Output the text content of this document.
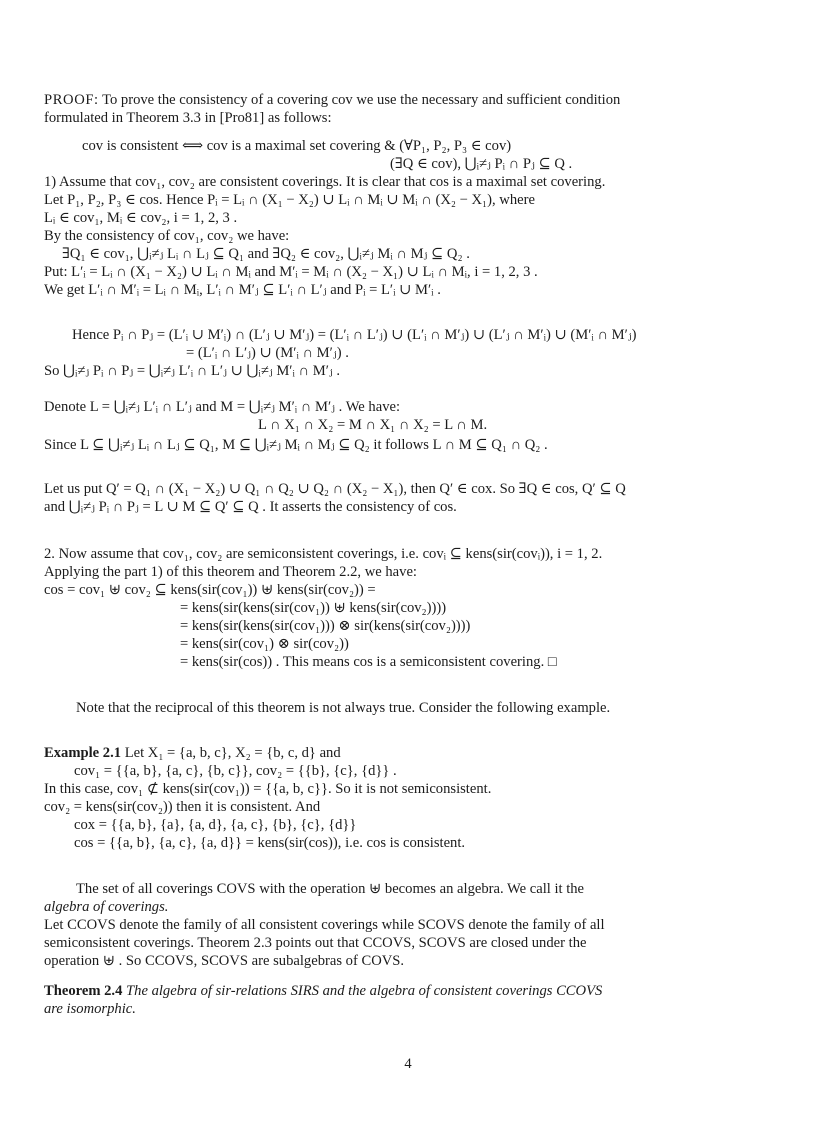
PROOF: To prove the consistency of a covering cov we use the necessary and sufficient condition
formulated in Theorem 3.3 in [Pro81] as follows:
cov is consistent ⟺ cov is a maximal set covering & (∀P₁, P₂, P₃ ∈ cov)
(∃Q ∈ cov), ⋃ᵢ≠ⱼ Pᵢ ∩ Pⱼ ⊆ Q .
1) Assume that cov₁, cov₂ are consistent coverings. It is clear that cos is a maximal set covering.
Let P₁, P₂, P₃ ∈ cos. Hence Pᵢ = Lᵢ ∩ (X₁ − X₂) ∪ Lᵢ ∩ Mᵢ ∪ Mᵢ ∩ (X₂ − X₁), where
Lᵢ ∈ cov₁, Mᵢ ∈ cov₂, i = 1, 2, 3 .
By the consistency of cov₁, cov₂ we have:
∃Q₁ ∈ cov₁, ⋃ᵢ≠ⱼ Lᵢ ∩ Lⱼ ⊆ Q₁ and ∃Q₂ ∈ cov₂, ⋃ᵢ≠ⱼ Mᵢ ∩ Mⱼ ⊆ Q₂ .
Put: L′ᵢ = Lᵢ ∩ (X₁ − X₂) ∪ Lᵢ ∩ Mᵢ and M′ᵢ = Mᵢ ∩ (X₂ − X₁) ∪ Lᵢ ∩ Mᵢ, i = 1, 2, 3 .
We get L′ᵢ ∩ M′ᵢ = Lᵢ ∩ Mᵢ, L′ᵢ ∩ M′ⱼ ⊆ L′ᵢ ∩ L′ⱼ and Pᵢ = L′ᵢ ∪ M′ᵢ .
Hence Pᵢ ∩ Pⱼ = (L′ᵢ ∪ M′ᵢ) ∩ (L′ⱼ ∪ M′ⱼ) = (L′ᵢ ∩ L′ⱼ) ∪ (L′ᵢ ∩ M′ⱼ) ∪ (L′ⱼ ∩ M′ᵢ) ∪ (M′ᵢ ∩ M′ⱼ)
= (L′ᵢ ∩ L′ⱼ) ∪ (M′ᵢ ∩ M′ⱼ) .
So ⋃ᵢ≠ⱼ Pᵢ ∩ Pⱼ = ⋃ᵢ≠ⱼ L′ᵢ ∩ L′ⱼ ∪ ⋃ᵢ≠ⱼ M′ᵢ ∩ M′ⱼ .
Denote L = ⋃ᵢ≠ⱼ L′ᵢ ∩ L′ⱼ and M = ⋃ᵢ≠ⱼ M′ᵢ ∩ M′ⱼ . We have:
L ∩ X₁ ∩ X₂ = M ∩ X₁ ∩ X₂ = L ∩ M.
Since L ⊆ ⋃ᵢ≠ⱼ Lᵢ ∩ Lⱼ ⊆ Q₁, M ⊆ ⋃ᵢ≠ⱼ Mᵢ ∩ Mⱼ ⊆ Q₂ it follows L ∩ M ⊆ Q₁ ∩ Q₂ .
Let us put Q′ = Q₁ ∩ (X₁ − X₂) ∪ Q₁ ∩ Q₂ ∪ Q₂ ∩ (X₂ − X₁), then Q′ ∈ cox. So ∃Q ∈ cos, Q′ ⊆ Q
and ⋃ᵢ≠ⱼ Pᵢ ∩ Pⱼ = L ∪ M ⊆ Q′ ⊆ Q . It asserts the consistency of cos.
2. Now assume that cov₁, cov₂ are semiconsistent coverings, i.e. covᵢ ⊆ kens(sir(covᵢ)), i = 1, 2.
Applying the part 1) of this theorem and Theorem 2.2, we have:
cos = cov₁ ⊎ cov₂ ⊆ kens(sir(cov₁)) ⊎ kens(sir(cov₂)) =
= kens(sir(kens(sir(cov₁)) ⊎ kens(sir(cov₂))))
= kens(sir(kens(sir(cov₁))) ⊗ sir(kens(sir(cov₂))))
= kens(sir(cov₁) ⊗ sir(cov₂))
= kens(sir(cos)) . This means cos is a semiconsistent covering. □
Note that the reciprocal of this theorem is not always true. Consider the following example.
Example 2.1 Let X₁ = {a, b, c}, X₂ = {b, c, d} and
cov₁ = {{a, b}, {a, c}, {b, c}}, cov₂ = {{b}, {c}, {d}} .
In this case, cov₁ ⊄ kens(sir(cov₁)) = {{a, b, c}}. So it is not semiconsistent.
cov₂ = kens(sir(cov₂)) then it is consistent. And
cox = {{a, b}, {a}, {a, d}, {a, c}, {b}, {c}, {d}}
cos = {{a, b}, {a, c}, {a, d}} = kens(sir(cos)), i.e. cos is consistent.
The set of all coverings COVS with the operation ⊎ becomes an algebra. We call it the
algebra of coverings.
Let CCOVS denote the family of all consistent coverings while SCOVS denote the family of all
semiconsistent coverings. Theorem 2.3 points out that CCOVS, SCOVS are closed under the
operation ⊎ . So CCOVS, SCOVS are subalgebras of COVS.
Theorem 2.4 The algebra of sir-relations SIRS and the algebra of consistent coverings CCOVS
are isomorphic.
4
